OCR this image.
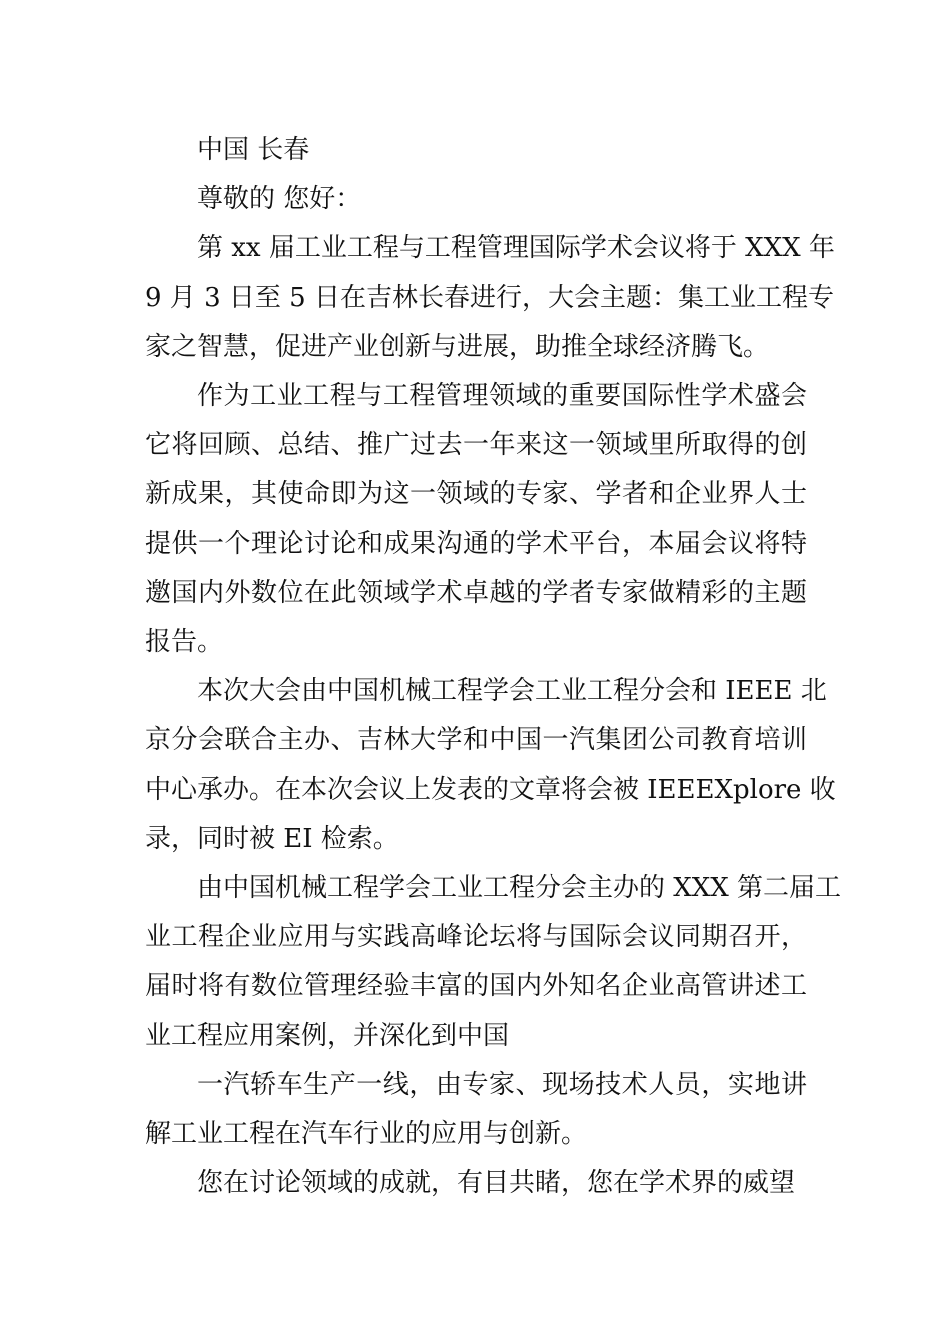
中国 长春
尊敬的 您好：
第 xx 届工业工程与工程管理国际学术会议将于 XXX 年
9 月 3 日至 5 日在吉林长春进行，大会主题：集工业工程专
家之智慧，促进产业创新与进展，助推全球经济腾飞。
作为工业工程与工程管理领域的重要国际性学术盛会
它将回顾、总结、推广过去一年来这一领域里所取得的创
新成果，其使命即为这一领域的专家、学者和企业界人士
提供一个理论讨论和成果沟通的学术平台，本届会议将特
邀国内外数位在此领域学术卓越的学者专家做精彩的主题
报告。
本次大会由中国机械工程学会工业工程分会和 IEEE 北
京分会联合主办、吉林大学和中国一汽集团公司教育培训
中心承办。在本次会议上发表的文章将会被 IEEEXplore 收
录，同时被 EI 检索。
由中国机械工程学会工业工程分会主办的 XXX 第二届工
业工程企业应用与实践高峰论坛将与国际会议同期召开，
届时将有数位管理经验丰富的国内外知名企业高管讲述工
业工程应用案例，并深化到中国
一汽轿车生产一线，由专家、现场技术人员，实地讲
解工业工程在汽车行业的应用与创新。
您在讨论领域的成就，有目共睹，您在学术界的威望
